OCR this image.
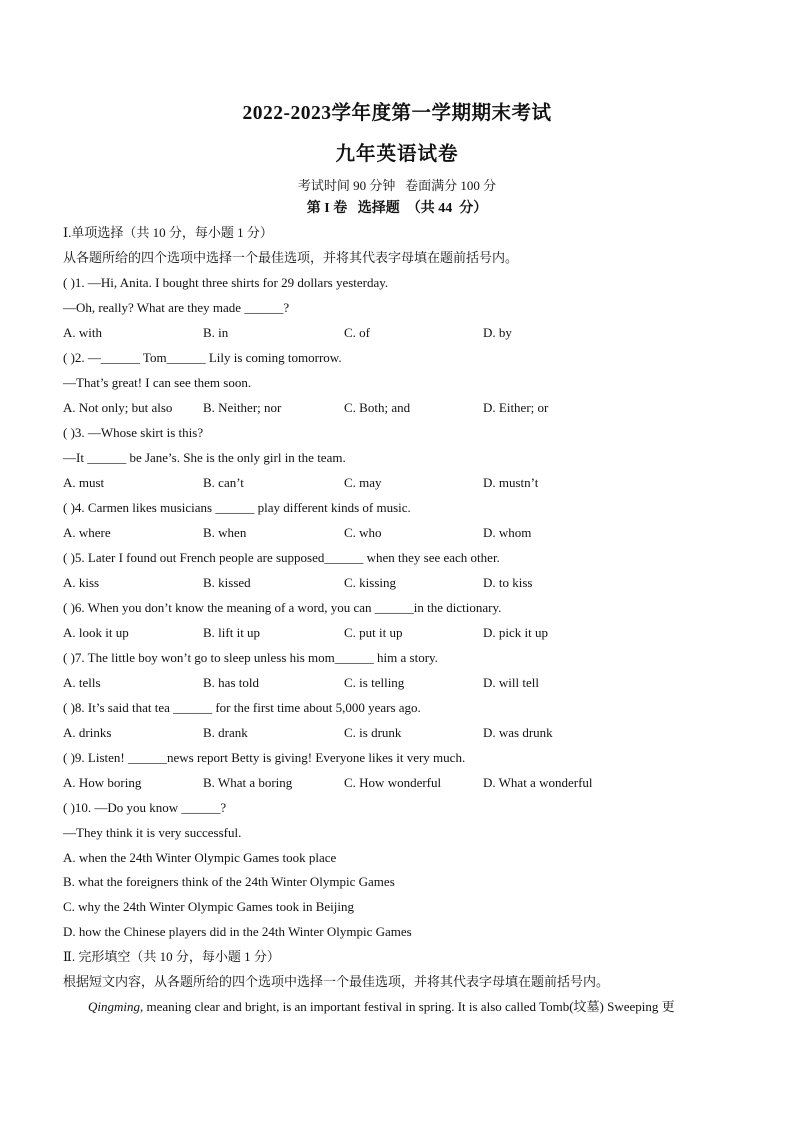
2022-2023学年度第一学期期末考试
九年英语试卷
考试时间 90 分钟   卷面满分 100 分
第 I 卷   选择题  （共 44  分）
Ⅰ.单项选择（共 10 分，每小题 1 分）
从各题所给的四个选项中选择一个最佳选项，并将其代表字母填在题前括号内。
( )1. —Hi, Anita. I bought three shirts for 29 dollars yesterday.
—Oh, really? What are they made ______?
A. with	B. in	C. of	D. by
( )2. —______ Tom______ Lily is coming tomorrow.
—That’s great! I can see them soon.
A. Not only; but also B. Neither; nor	C. Both; and	D. Either; or
( )3. —Whose skirt is this?
—It ______ be Jane’s. She is the only girl in the team.
A. must	B. can’t	C. may	D. mustn’t
( )4. Carmen likes musicians ______ play different kinds of music.
A. where	B. when	C. who	D. whom
( )5. Later I found out French people are supposed______ when they see each other.
A. kiss	B. kissed	C. kissing	D. to kiss
( )6. When you don’t know the meaning of a word, you can ______in the dictionary.
A. look it up	B. lift it up	C. put it up	D. pick it up
( )7. The little boy won’t go to sleep unless his mom______ him a story.
A. tells	B. has told	C. is telling	D. will tell
( )8. It’s said that tea ______ for the first time about 5,000 years ago.
A. drinks	B. drank	C. is drunk	D. was drunk
( )9. Listen! ______news report Betty is giving! Everyone likes it very much.
A. How boring	B. What a boring	C. How wonderful	D. What a wonderful
( )10. —Do you know ______?
—They think it is very successful.
A. when the 24th Winter Olympic Games took place
B. what the foreigners think of the 24th Winter Olympic Games
C. why the 24th Winter Olympic Games took in Beijing
D. how the Chinese players did in the 24th Winter Olympic Games
Ⅱ. 完形填空（共 10 分，每小题 1 分）
根据短文内容，从各题所给的四个选项中选择一个最佳选项，并将其代表字母填在题前括号内。
Qingming, meaning clear and bright, is an important festival in spring. It is also called Tomb(坟墓) Sweeping 更
